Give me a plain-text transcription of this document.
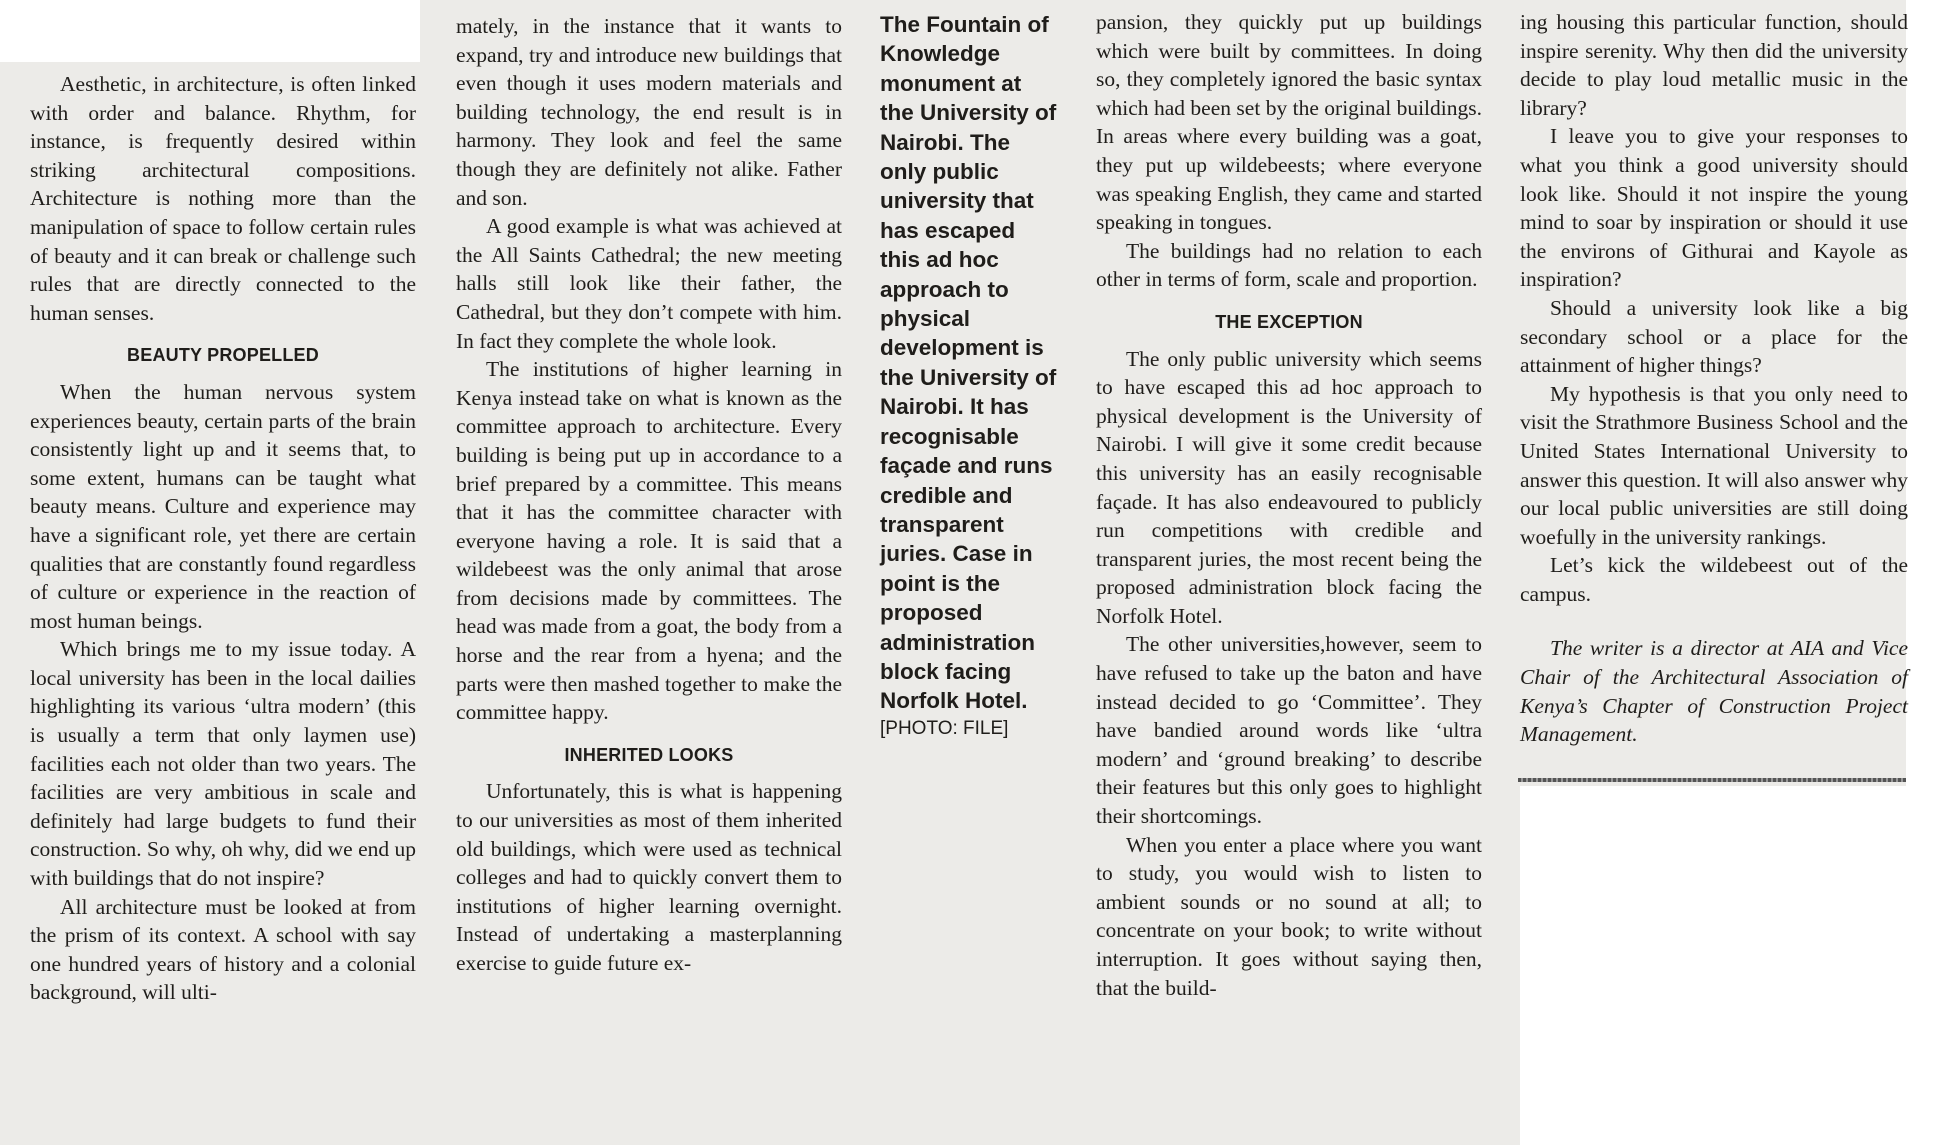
Aesthetic, in architecture, is often linked with order and balance. Rhythm, for instance, is frequently desired within striking architectural compositions. Architecture is nothing more than the manipulation of space to follow certain rules of beauty and it can break or challenge such rules that are directly connected to the human senses.

BEAUTY PROPELLED

When the human nervous system experiences beauty, certain parts of the brain consistently light up and it seems that, to some extent, humans can be taught what beauty means. Culture and experience may have a significant role, yet there are certain qualities that are constantly found regardless of culture or experience in the reaction of most human beings.

Which brings me to my issue today. A local university has been in the local dailies highlighting its various ‘ultra modern’ (this is usually a term that only laymen use) facilities each not older than two years. The facilities are very ambitious in scale and definitely had large budgets to fund their construction. So why, oh why, did we end up with buildings that do not inspire?

All architecture must be looked at from the prism of its context. A school with say one hundred years of history and a colonial background, will ulti-

mately, in the instance that it wants to expand, try and introduce new buildings that even though it uses modern materials and building technology, the end result is in harmony. They look and feel the same though they are definitely not alike. Father and son.

A good example is what was achieved at the All Saints Cathedral; the new meeting halls still look like their father, the Cathedral, but they don’t compete with him. In fact they complete the whole look.

The institutions of higher learning in Kenya instead take on what is known as the committee approach to architecture. Every building is being put up in accordance to a brief prepared by a committee. This means that it has the committee character with everyone having a role. It is said that a wildebeest was the only animal that arose from decisions made by committees. The head was made from a goat, the body from a horse and the rear from a hyena; and the parts were then mashed together to make the committee happy.

INHERITED LOOKS

Unfortunately, this is what is happening to our universities as most of them inherited old buildings, which were used as technical colleges and had to quickly convert them to institutions of higher learning overnight. Instead of undertaking a masterplanning exercise to guide future ex-

The Fountain of Knowledge monument at the University of Nairobi. The only public university that has escaped this ad hoc approach to physical development is the University of Nairobi. It has recognisable façade and runs credible and transparent juries. Case in point is the proposed administration block facing Norfolk Hotel.
[PHOTO: FILE]

pansion, they quickly put up buildings which were built by committees. In doing so, they completely ignored the basic syntax which had been set by the original buildings. In areas where every building was a goat, they put up wildebeests; where everyone was speaking English, they came and started speaking in tongues.

The buildings had no relation to each other in terms of form, scale and proportion.

THE EXCEPTION

The only public university which seems to have escaped this ad hoc approach to physical development is the University of Nairobi. I will give it some credit because this university has an easily recognisable façade. It has also endeavoured to publicly run competitions with credible and transparent juries, the most recent being the proposed administration block facing the Norfolk Hotel.

The other universities,however, seem to have refused to take up the baton and have instead decided to go ‘Committee’. They have bandied around words like ‘ultra modern’ and ‘ground breaking’ to describe their features but this only goes to highlight their shortcomings.

When you enter a place where you want to study, you would wish to listen to ambient sounds or no sound at all; to concentrate on your book; to write without interruption. It goes without saying then, that the build-

ing housing this particular function, should inspire serenity. Why then did the university decide to play loud metallic music in the library?

I leave you to give your responses to what you think a good university should look like. Should it not inspire the young mind to soar by inspiration or should it use the environs of Githurai and Kayole as inspiration?

Should a university look like a big secondary school or a place for the attainment of higher things?

My hypothesis is that you only need to visit the Strathmore Business School and the United States International University to answer this question. It will also answer why our local public universities are still doing woefully in the university rankings.

Let’s kick the wildebeest out of the campus.

The writer is a director at AIA and Vice Chair of the Architectural Association of Kenya’s Chapter of Construction Project Management.
